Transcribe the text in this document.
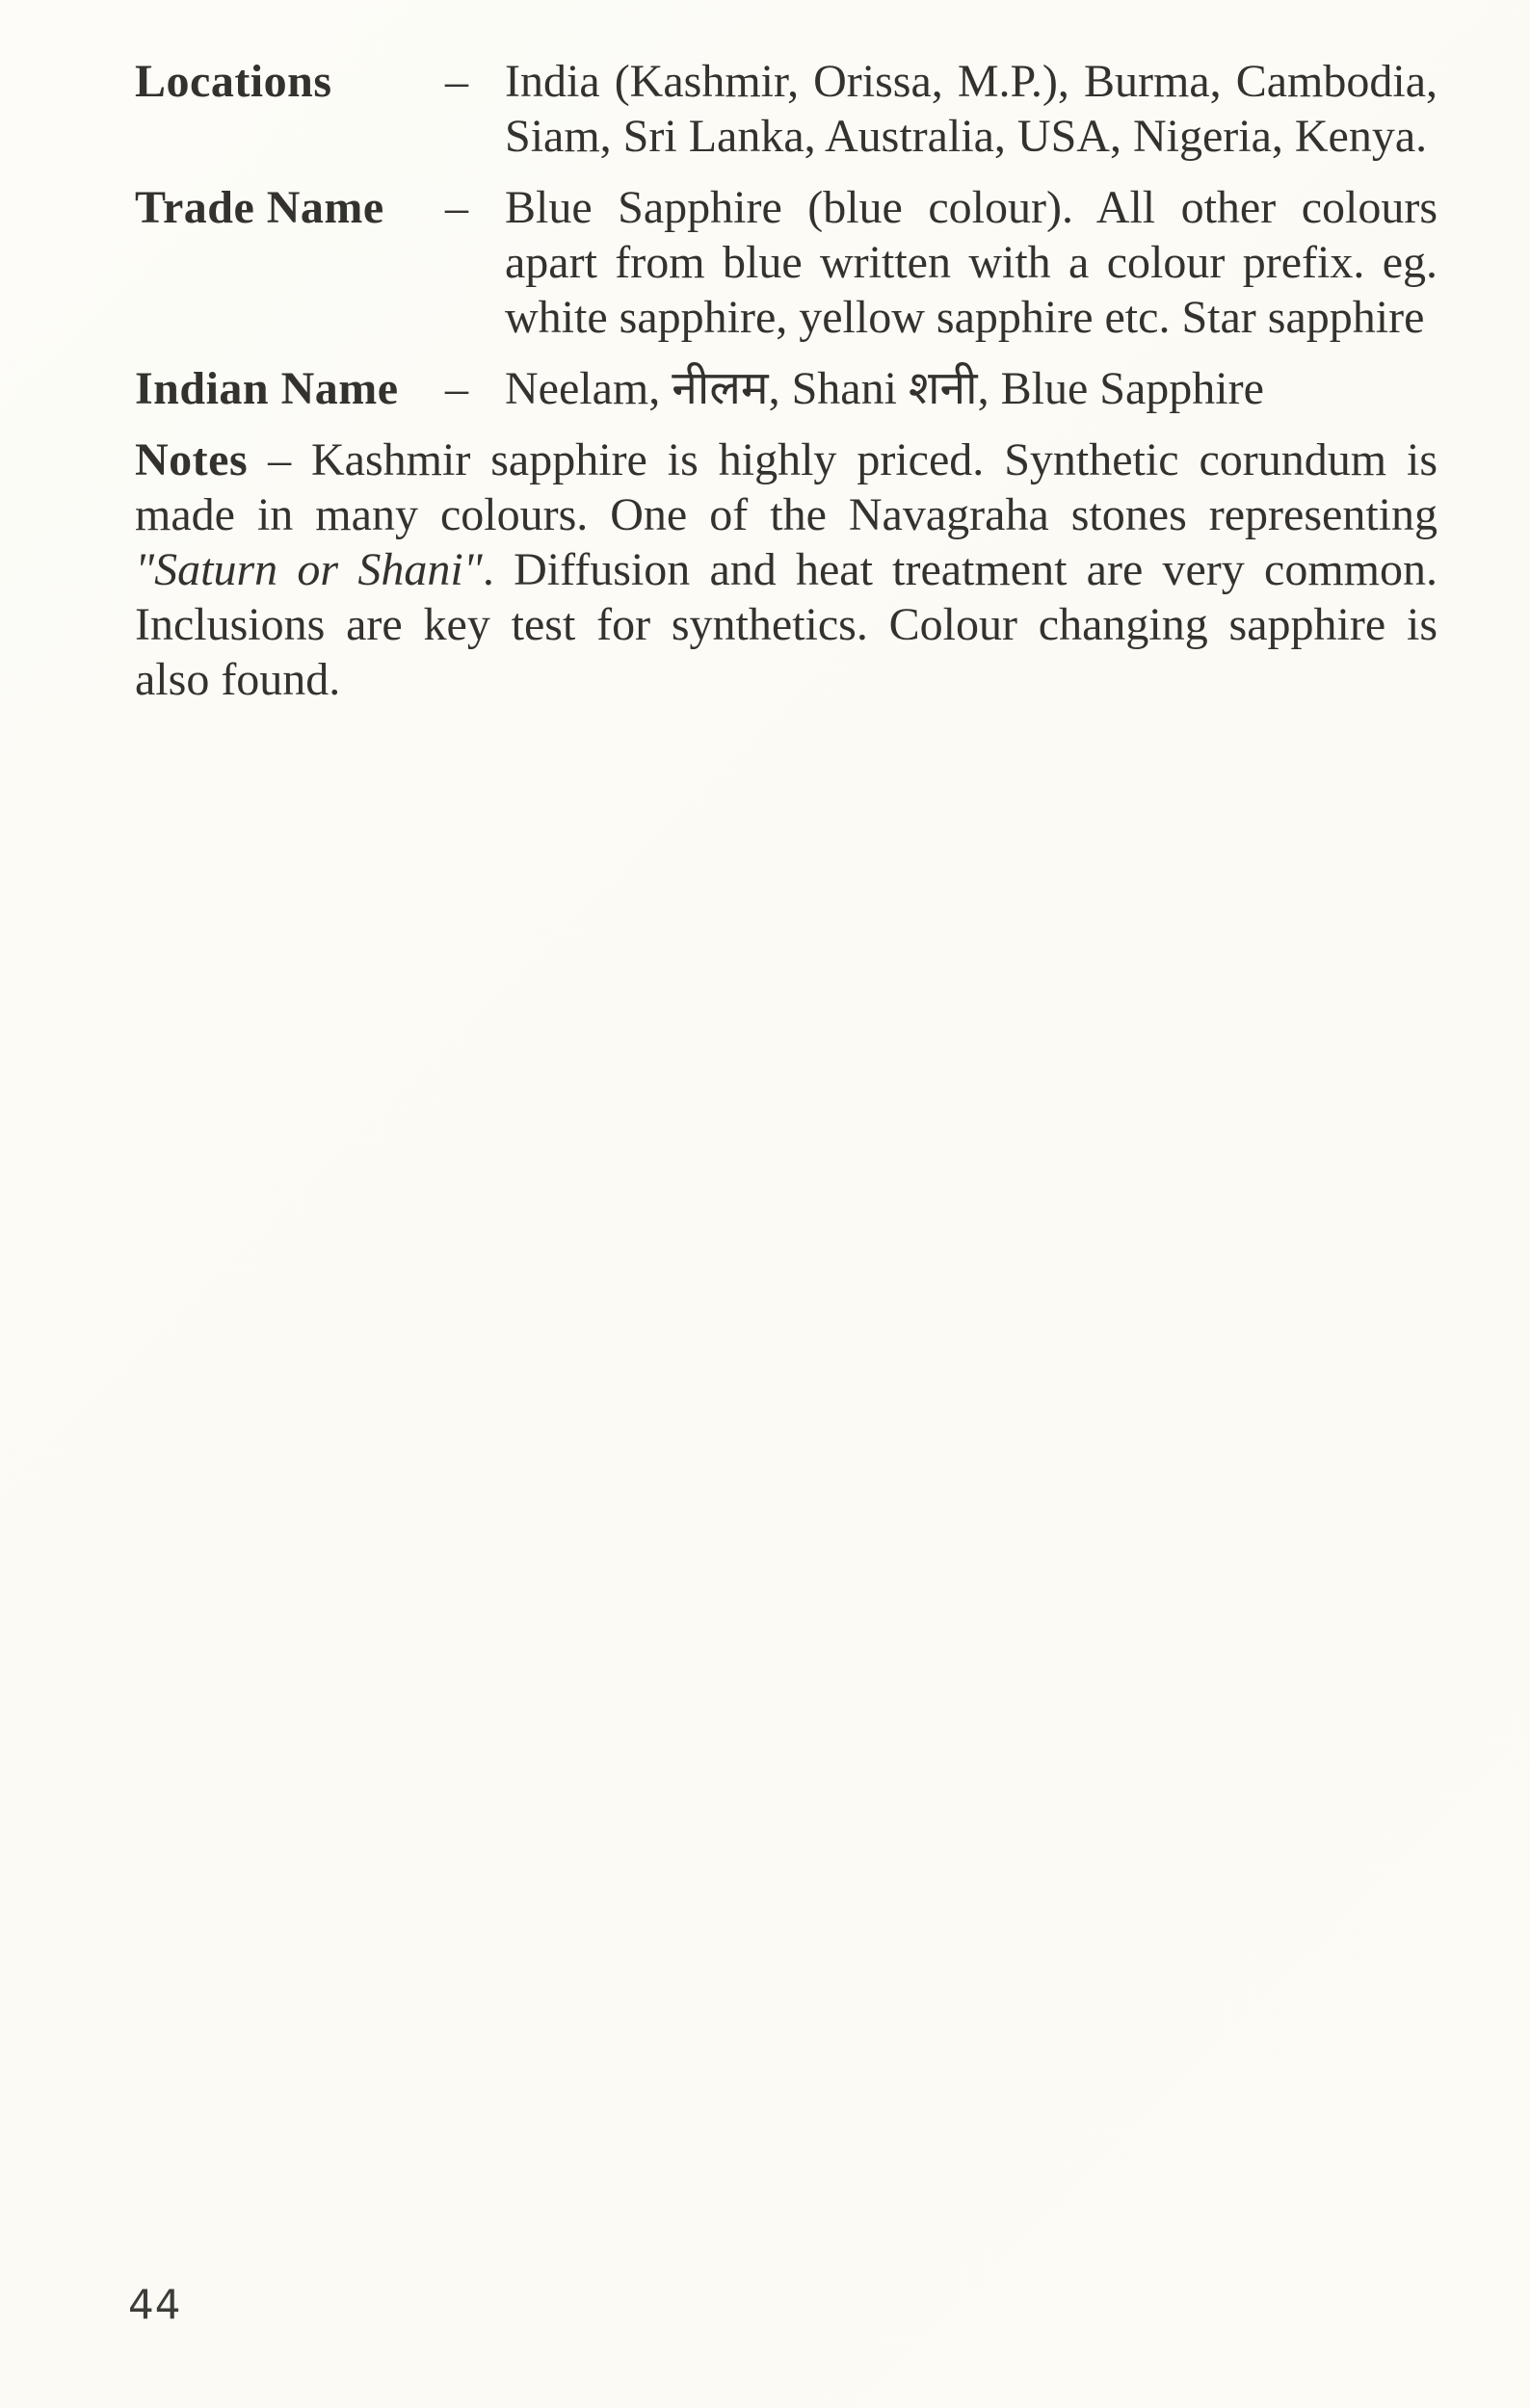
Locations	– India (Kashmir, Orissa, M.P.), Burma, Cambodia, Siam, Sri Lanka, Australia, USA, Nigeria, Kenya.
Trade Name	– Blue Sapphire (blue colour). All other colours apart from blue written with a colour prefix. eg. white sapphire, yellow sapphire etc. Star sapphire
Indian Name	– Neelam, नीलम, Shani शनी, Blue Sapphire

Notes – Kashmir sapphire is highly priced. Synthetic corundum is made in many colours. One of the Navagraha stones representing "Saturn or Shani". Diffusion and heat treatment are very common. Inclusions are key test for synthetics. Colour changing sapphire is also found.

44
